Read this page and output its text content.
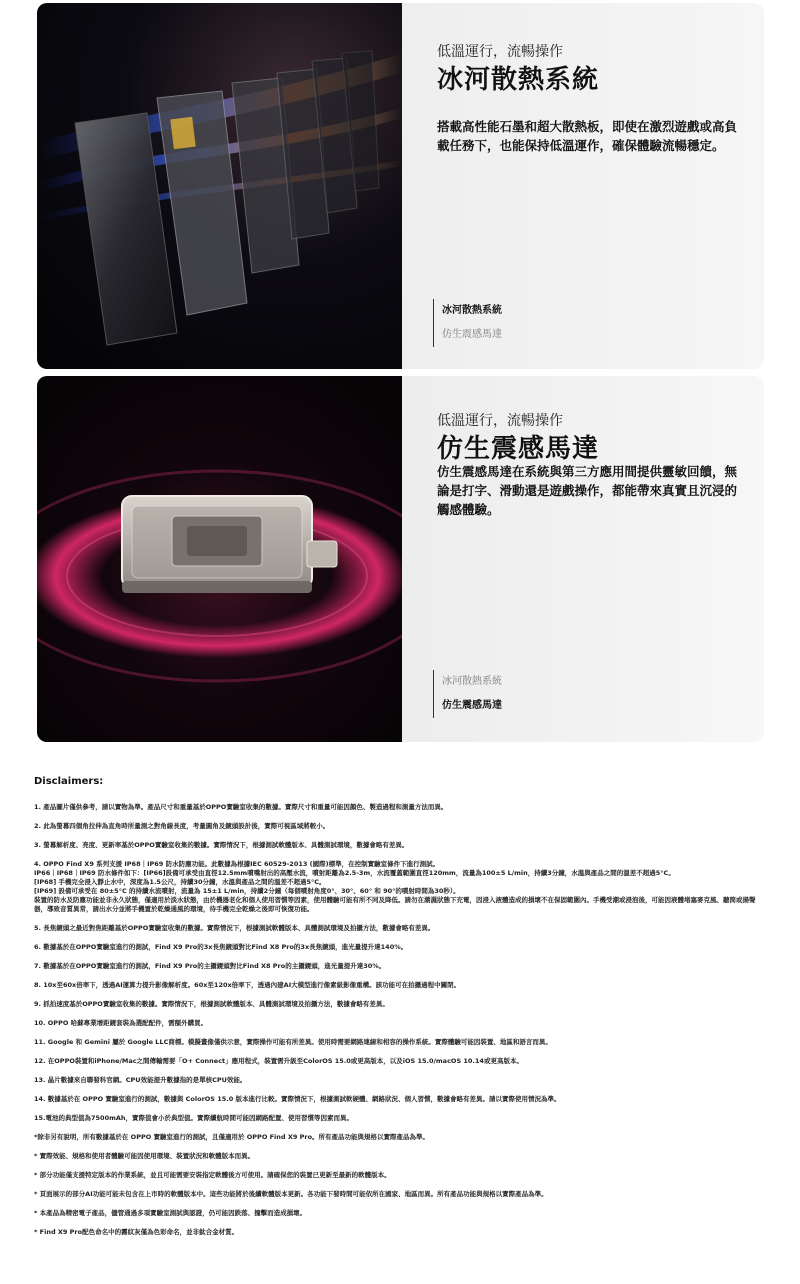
低溫運行，流暢操作
冰河散熱系統
搭載高性能石墨和超大散熱板，即使在激烈遊戲或高負載任務下，也能保持低溫運作，確保體驗流暢穩定。
冰河散熱系統
仿生震感馬達
低溫運行，流暢操作
仿生震感馬達
仿生震感馬達在系統與第三方應用間提供靈敏回饋，無論是打字、滑動還是遊戲操作，都能帶來真實且沉浸的觸感體驗。
冰河散熱系統
仿生震感馬達
Disclaimers:
1. 產品圖片僅供參考，請以實物為準。產品尺寸和重量基於OPPO實驗室收集的數據。實際尺寸和重量可能因顏色、製造過程和測量方法而異。
2. 此為螢幕四個角拉伸為直角時所量測之對角線長度，考量圓角及鏡頭設計後，實際可視區域將較小。
3. 螢幕解析度、亮度、更新率基於OPPO實驗室收集的數據。實際情況下，根據測試軟體版本、具體測試環境，數據會略有差異。
4. OPPO Find X9 系列支援 IP68｜IP69 防水防塵功能。此數據為根據IEC 60529-2013 (國際)標準，在控制實驗室條件下進行測試。
IP66｜IP68｜IP69 防水條件如下：[IP66]設備可承受由直徑12.5mm噴嘴射出的高壓水流，噴射距離為2.5-3m，水流覆蓋範圍直徑120mm，流量為100±5 L/min，持續3分鐘，水溫與產品之間的溫差不超過5°C。
[IP68] 手機完全浸入靜止水中，深度為1.5公尺，持續30分鐘，水溫與產品之間的溫差不超過5°C。
[IP69] 設備可承受在 80±5°C 的持續水流噴射，流量為 15±1 L/min，持續2分鐘（每個噴射角度0°、30°、60° 和 90°的噴射時間為30秒）。
裝置的防水及防塵功能並非永久狀態，僅適用於淡水狀態，由於機器老化和個人使用習慣等因素，使用體驗可能有所不同及降低。請勿在潮濕狀態下充電，因浸入液體造成的損壞不在保固範圍內。手機受潮或浸泡後，可能因液體堵塞麥克風、聽筒或揚聲器，導致音質異常，請出水分並將手機置於乾燥通風的環境，待手機完全乾燥之後即可恢復功能。
5. 長焦鏡頭之最近對焦距離基於OPPO實驗室收集的數據。實際情況下，根據測試軟體版本、具體測試環境及拍攝方法，數據會略有差異。
6. 數據基於在OPPO實驗室進行的測試，Find X9 Pro的3x長焦鏡頭對比Find X8 Pro的3x長焦鏡頭，進光量提升達140%。
7. 數據基於在OPPO實驗室進行的測試，Find X9 Pro的主攝鏡頭對比Find X8 Pro的主攝鏡頭，進光量提升達30%。
8. 10x至60x倍率下，透過AI運算力提升影像解析度。60x至120x倍率下，透過內建AI大模型進行像素級影像重構。該功能可在拍攝過程中關閉。
9. 抓拍速度基於OPPO實驗室收集的數據。實際情況下，根據測試軟體版本、具體測試環境及拍攝方法，數據會略有差異。
10. OPPO 哈蘇專業增距鏡套裝為選配配件，需額外購買。
11. Google 和 Gemini 屬於 Google LLC商標。模擬畫像僅供示意，實際操作可能有所差異。使用時需要網路連線和相容的操作系統。實際體驗可能因裝置、地區和語言而異。
12. 在OPPO裝置和iPhone/Mac之間傳輸需要「O+ Connect」應用程式，裝置需升級至ColorOS 15.0或更高版本，以及iOS 15.0/macOS 10.14或更高版本。
13. 晶片數據來自聯發科官網。CPU效能提升數據指的是單核CPU效能。
14. 數據基於在 OPPO 實驗室進行的測試，數據與 ColorOS 15.0 版本進行比較。實際情況下，根據測試軟硬體、網路狀況、個人習慣，數據會略有差異。請以實際使用情況為準。
15.電池的典型值為7500mAh，實際值會小於典型值。實際續航時間可能因網路配置、使用習慣等因素而異。
*除非另有說明，所有數據基於在 OPPO 實驗室進行的測試，且僅適用於 OPPO Find X9 Pro。所有產品功能與規格以實際產品為準。
* 實際效能、規格和使用者體驗可能因使用環境、裝置狀況和軟體版本而異。
* 部分功能僅支援特定版本的作業系統，並且可能需要安裝指定軟體後方可使用。請確保您的裝置已更新至最新的軟體版本。
* 頁面展示的部分AI功能可能未包含在上市時的軟體版本中。這些功能將於後續軟體版本更新。各功能下發時間可能依所在國家、地區而異。所有產品功能與規格以實際產品為準。
* 本產品為精密電子產品，儘管通過多項實驗室測試與認證，仍可能因跌落、撞擊而造成損壞。
* Find X9 Pro配色命名中的霧紋灰僅為色彩命名，並非鈦合金材質。
